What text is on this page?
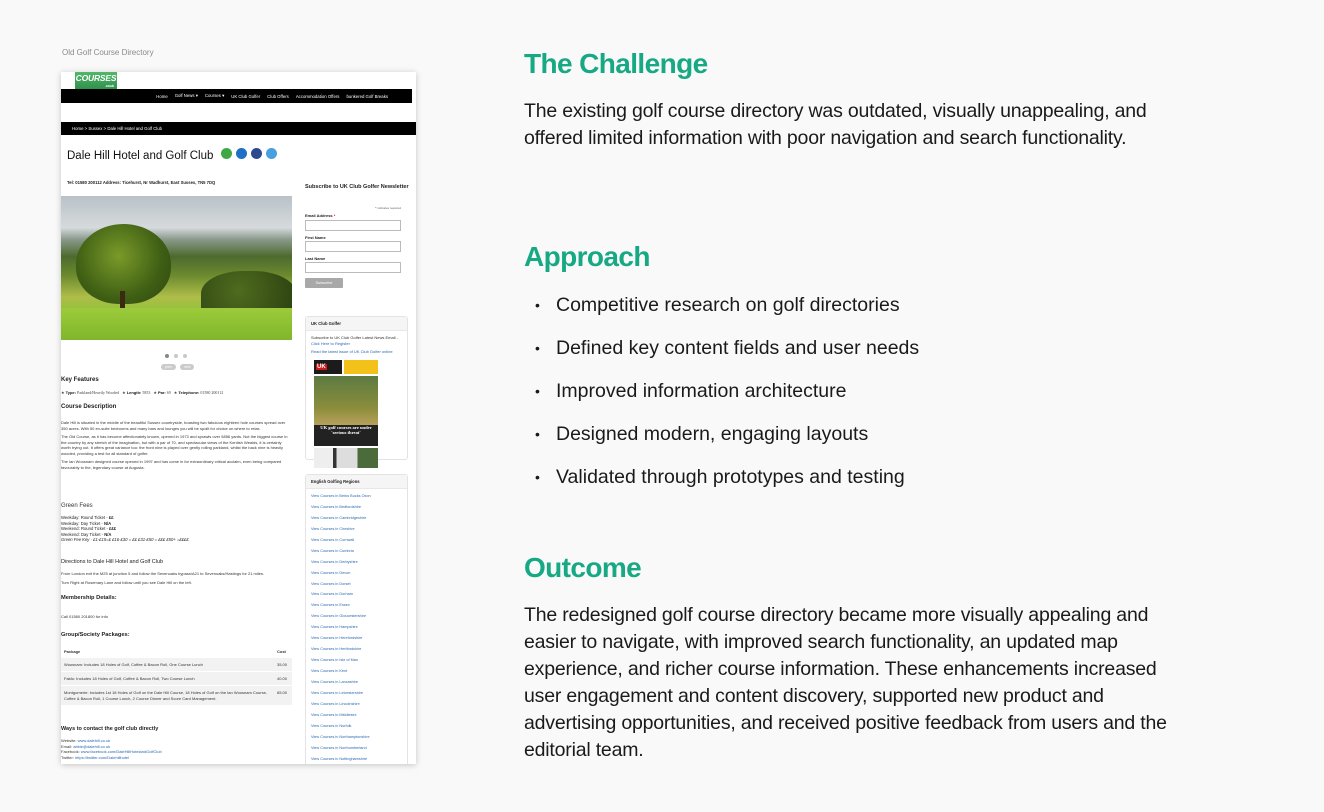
Old Golf Course Directory
COURSES
.co.uk
Home Golf News ▾ Courses ▾ UK Club Golfer Club Offers Accommodation Offers bunkered Golf Breaks
Home > Sussex > Dale Hill Hotel and Golf Club
Dale Hill Hotel and Golf Club
Tel: 01580 200112 Address: Ticehurst, Nr Wadhurst, East Sussex, TN5 7DQ
prev	next
Key Features
★ Type: Parkland/Heavily Wooded ★ Length: 5853 ★ Par: 69 ★ Telephone: 01580 200112
Course Description

Dale Hill is situated in the middle of the beautiful Sussex countryside, boasting two fabulous eighteen hole courses spread over 350 acres. With 50 en-suite bedrooms and many bars and lounges you will be spoilt for choice on where to relax.

The Old Course, as it has become affectionately known, opened in 1973 and sprawls over 5856 yards. Not the biggest course in the country by any stretch of the imagination, but with a par of 70, and spectacular views of the Kentish Wealds, it is certainly worth trying out. It offers great variance too: the front nine is played over gently rolling parkland, whilst the back nine is heavily wooded, providing a test for all standard of golfer.

The Ian Woosnam designed course opened in 1997 and has come in for extraordinary critical acclaim, even being compared favourably to the, legendary course at Augusta.

Green Fees
Weekday: Round Ticket - ££
Weekday: Day Ticket - N/A
Weekend: Round Ticket - £££
Weekend: Day Ticket - N/A
Green Fee Key - £1-£15=£ £16-£30 = ££ £31-£50 = £££ £50+ =££££
Directions to Dale Hill Hotel and Golf Club

From London exit the M25 at junction 5 and follow the Sevenoaks bypass/A21 to Sevenoaks/Hastings for 21 miles.

Turn Right at Rosemary Lane and follow until you see Dale Hill on the left.

Membership Details:
Call 01580 201800 for info
Group/Society Packages:
Package	Cost
Woosnam: Includes 18 Holes of Golf, Coffee & Bacon Roll, One Course Lunch	35.00
Faldo: Includes 18 Holes of Golf, Coffee & Bacon Roll, Two Course Lunch	40.00
Montgomerie: Includes 1st 18 Holes of Golf on the Dale Hill Course, 18 Holes of Golf on the Ian Woosnam Course, Coffee & Bacon Roll, 1 Course Lunch, 2 Course Dinner and Score Card Management.	65.00
Ways to contact the golf club directly
Website: www.dalehill.co.uk
Email: abbie@dalehill.co.uk
Facebook: www.facebook.com/DaleHillHotelandGolfClub
Twitter: https://twitter.com/Dalehillhotel
Subscribe to UK Club Golfer Newsletter
* indicates required
Email Address *
First Name
Last Name
Subscribe
UK Club Golfer
Subscribe to UK Club Golfer Latest News Email - Click Here to Register
Read the latest issue of UK Club Golfer online
UK
UK golf courses are under 'serious threat'
English Golfing Regions
View Courses in Berks Bucks Oxon
View Courses in Bedfordshire
View Courses in Cambridgeshire
View Courses in Cheshire
View Courses in Cornwall
View Courses in Cumbria
View Courses in Derbyshire
View Courses in Devon
View Courses in Dorset
View Courses in Durham
View Courses in Essex
View Courses in Gloucestershire
View Courses in Hampshire
View Courses in Herefordshire
View Courses in Hertfordshire
View Courses in Isle of Man
View Courses in Kent
View Courses in Lancashire
View Courses in Leicestershire
View Courses in Lincolnshire
View Courses in Middlesex
View Courses in Norfolk
View Courses in Northamptonshire
View Courses in Northumberland
View Courses in Nottinghamshire
The Challenge

The existing golf course directory was outdated, visually unappealing, and offered limited information with poor navigation and search functionality.

Approach
• Competitive research on golf directories
• Defined key content fields and user needs
• Improved information architecture
• Designed modern, engaging layouts
• Validated through prototypes and testing
Outcome

The redesigned golf course directory became more visually appealing and easier to navigate, with improved search functionality, an updated map experience, and richer course information. These enhancements increased user engagement and content discovery, supported new product and advertising opportunities, and received positive feedback from users and the editorial team.
